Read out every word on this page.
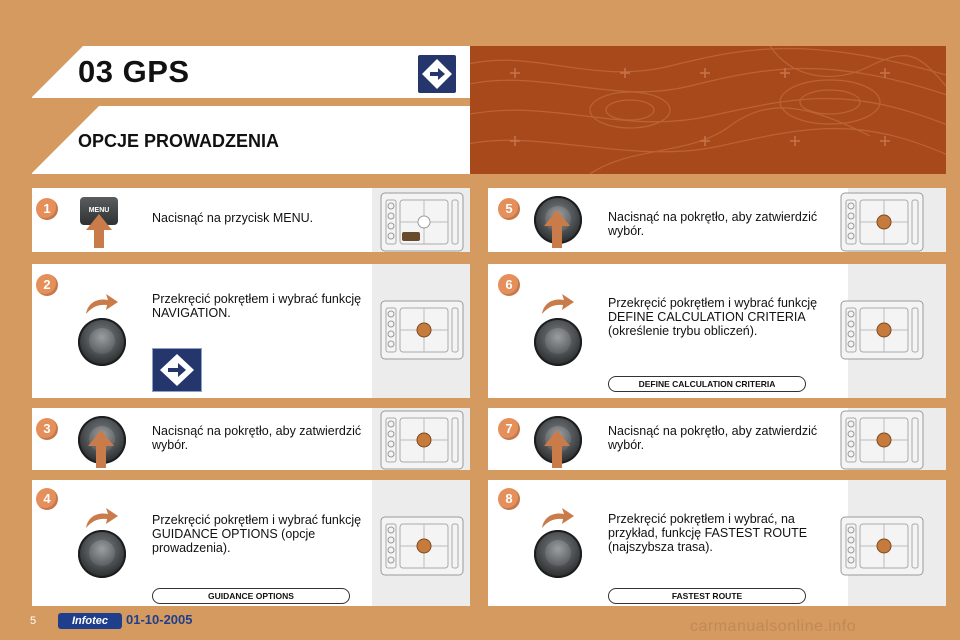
03 GPS
OPCJE PROWADZENIA
1	MENU
Nacisnąć na przycisk MENU.
2
Przekręcić pokrętłem i wybrać funkcję NAVIGATION.
3	Nacisnąć na pokrętło, aby zatwierdzić wybór.
4
Przekręcić pokrętłem i wybrać funkcję GUIDANCE OPTIONS (opcje prowadzenia).
GUIDANCE OPTIONS
5
Nacisnąć na pokrętło, aby zatwierdzić wybór.
6
Przekręcić pokrętłem i wybrać funkcję DEFINE CALCULATION CRITERIA (określenie trybu obliczeń).
DEFINE CALCULATION CRITERIA
7	Nacisnąć na pokrętło, aby zatwierdzić wybór.
8
Przekręcić pokrętłem i wybrać, na przykład, funkcję FASTEST ROUTE (najszybsza trasa).
FASTEST ROUTE
5	Infotec	01-10-2005	carmanualsonline.info
